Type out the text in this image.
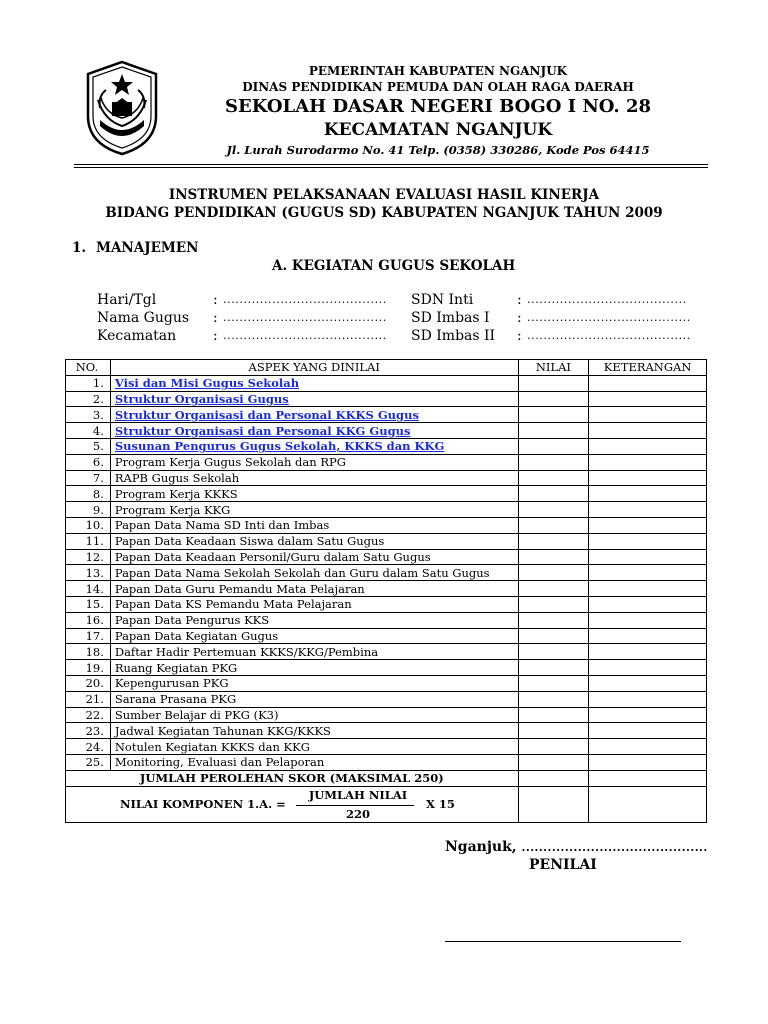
PEMERINTAH KABUPATEN NGANJUK
DINAS PENDIDIKAN PEMUDA DAN OLAH RAGA DAERAH
SEKOLAH DASAR NEGERI BOGO I NO. 28
KECAMATAN NGANJUK
Jl. Lurah Surodarmo No. 41 Telp. (0358) 330286, Kode Pos 64415
INSTRUMEN PELAKSANAAN EVALUASI HASIL KINERJA
BIDANG PENDIDIKAN (GUGUS SD) KABUPATEN NGANJUK TAHUN 2009
1. MANAJEMEN
A. KEGIATAN GUGUS SEKOLAH
Hari/Tgl	: ........................................
Nama Gugus : ........................................
Kecamatan	: ........................................
SDN Inti	: .......................................
SD Imbas I : ........................................
SD Imbas II : ........................................
NO.	ASPEK YANG DINILAI	NILAI	KETERANGAN
1.	Visi dan Misi Gugus Sekolah		
2.	Struktur Organisasi Gugus		
3.	Struktur Organisasi dan Personal KKKS Gugus		
4.	Struktur Organisasi dan Personal KKG Gugus		
5.	Susunan Pengurus Gugus Sekolah, KKKS dan KKG		
6.	Program Kerja Gugus Sekolah dan RPG		
7.	RAPB Gugus Sekolah		
8.	Program Kerja KKKS		
9.	Program Kerja KKG		
10.	Papan Data Nama SD Inti dan Imbas		
11.	Papan Data Keadaan Siswa dalam Satu Gugus		
12.	Papan Data Keadaan Personil/Guru dalam Satu Gugus		
13.	Papan Data Nama Sekolah Sekolah dan Guru dalam Satu Gugus		
14.	Papan Data Guru Pemandu Mata Pelajaran		
15.	Papan Data KS Pemandu Mata Pelajaran		
16.	Papan Data Pengurus KKS		
17.	Papan Data Kegiatan Gugus		
18.	Daftar Hadir Pertemuan KKKS/KKG/Pembina		
19.	Ruang Kegiatan PKG		
20.	Kepengurusan PKG		
21.	Sarana Prasana PKG		
22.	Sumber Belajar di PKG (K3)		
23.	Jadwal Kegiatan Tahunan KKG/KKKS		
24.	Notulen Kegiatan KKKS dan KKG		
25.	Monitoring, Evaluasi dan Pelaporan		
JUMLAH PEROLEHAN SKOR (MAKSIMAL 250)			

NILAI KOMPONEN 1.A. =
JUMLAH NILAI
220
X 15			

Nganjuk, ...........................................
PENILAI
